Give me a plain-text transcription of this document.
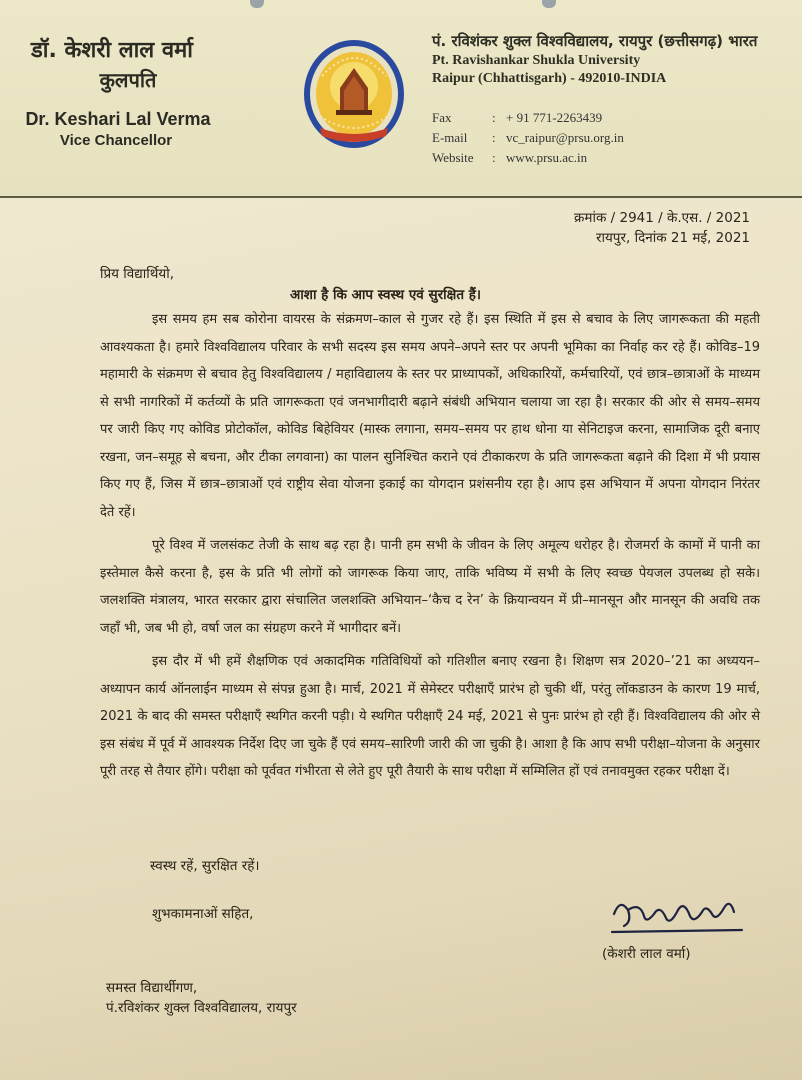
डॉ. केशरी लाल वर्मा
कुलपति
Dr. Keshari Lal Verma
Vice Chancellor
पं. रविशंकर शुक्ल विश्वविद्यालय, रायपुर (छत्तीसगढ़) भारत
Pt. Ravishankar Shukla University
Raipur (Chhattisgarh) - 492010-INDIA
Fax	: + 91 771-2263439
E-mail : vc_raipur@prsu.org.in
Website : www.prsu.ac.in
क्रमांक / 2941 / के.एस. / 2021
रायपुर, दिनांक 21 मई, 2021
प्रिय विद्यार्थियो,
आशा है कि आप स्वस्थ एवं सुरक्षित हैं।

इस समय हम सब कोरोना वायरस के संक्रमण–काल से गुजर रहे हैं। इस स्थिति में इस से बचाव के लिए जागरूकता की महती आवश्यकता है। हमारे विश्वविद्यालय परिवार के सभी सदस्य इस समय अपने–अपने स्तर पर अपनी भूमिका का निर्वाह कर रहे हैं। कोविड–19 महामारी के संक्रमण से बचाव हेतु विश्वविद्यालय / महाविद्यालय के स्तर पर प्राध्यापकों, अधिकारियों, कर्मचारियों, एवं छात्र–छात्राओं के माध्यम से सभी नागरिकों में कर्तव्यों के प्रति जागरूकता एवं जनभागीदारी बढ़ाने संबंधी अभियान चलाया जा रहा है। सरकार की ओर से समय–समय पर जारी किए गए कोविड प्रोटोकॉल, कोविड बिहेवियर (मास्क लगाना, समय–समय पर हाथ धोना या सेनिटाइज करना, सामाजिक दूरी बनाए रखना, जन–समूह से बचना, और टीका लगवाना) का पालन सुनिश्चित कराने एवं टीकाकरण के प्रति जागरूकता बढ़ाने की दिशा में भी प्रयास किए गए हैं, जिस में छात्र–छात्राओं एवं राष्ट्रीय सेवा योजना इकाई का योगदान प्रशंसनीय रहा है। आप इस अभियान में अपना योगदान निरंतर देते रहें।

पूरे विश्व में जलसंकट तेजी के साथ बढ़ रहा है। पानी हम सभी के जीवन के लिए अमूल्य धरोहर है। रोजमर्रा के कामों में पानी का इस्तेमाल कैसे करना है, इस के प्रति भी लोगों को जागरूक किया जाए, ताकि भविष्य में सभी के लिए स्वच्छ पेयजल उपलब्ध हो सके। जलशक्ति मंत्रालय, भारत सरकार द्वारा संचालित जलशक्ति अभियान–‘कैच द रेन’ के क्रियान्वयन में प्री–मानसून और मानसून की अवधि तक जहाँ भी, जब भी हो, वर्षा जल का संग्रहण करने में भागीदार बनें।

इस दौर में भी हमें शैक्षणिक एवं अकादमिक गतिविधियों को गतिशील बनाए रखना है। शिक्षण सत्र 2020–’21 का अध्ययन–अध्यापन कार्य ऑनलाईन माध्यम से संपन्न हुआ है। मार्च, 2021 में सेमेस्टर परीक्षाएँ प्रारंभ हो चुकी थीं, परंतु लॉकडाउन के कारण 19 मार्च, 2021 के बाद की समस्त परीक्षाएँ स्थगित करनी पड़ी। ये स्थगित परीक्षाएँ 24 मई, 2021 से पुनः प्रारंभ हो रही हैं। विश्वविद्यालय की ओर से इस संबंध में पूर्व में आवश्यक निर्देश दिए जा चुके हैं एवं समय–सारिणी जारी की जा चुकी है। आशा है कि आप सभी परीक्षा–योजना के अनुसार पूरी तरह से तैयार होंगे। परीक्षा को पूर्ववत गंभीरता से लेते हुए पूरी तैयारी के साथ परीक्षा में सम्मिलित हों एवं तनावमुक्त रहकर परीक्षा दें।

स्वस्थ रहें, सुरक्षित रहें।
शुभकामनाओं सहित,
(केशरी लाल वर्मा)
समस्त विद्यार्थीगण,
पं.रविशंकर शुक्ल विश्वविद्यालय, रायपुर
